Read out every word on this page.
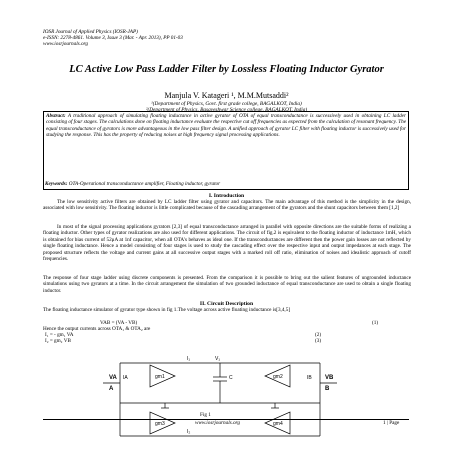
IOSR Journal of Applied Physics (IOSR-JAP)
e-ISSN: 2278-4861. Volume 3, Issue 3 (Mar. - Apr. 2013), PP 01-03
www.iosrjournals.org
LC Active Low Pass Ladder Filter by Lossless Floating Inductor Gyrator
Manjula V. Katageri ¹, M.M.Mutsaddi²
¹(Department of Physics, Govt. first grade college, BAGALKOT, India)
²(Department of Physics, Basaveshwar Science college, BAGALKOT, India)
Abstract: A traditional approach of simulating floating inductance in active gyrator of OTA of equal transconductance is successively used in obtaining LC ladder consisting of four stages. The calculations done on floating inductance evaluate the respective cut off frequencies as expected from the calculation of resonant frequency. The equal transconductance of gyrators is more advantageous in the low pass filter design. A unified approach of gyrator LC filter with floating inductor is successively used for studying the response. This has the property of reducing noises at high frequency signal processing applications.
Keywords: OTA-Operational transconductance amplifier, Floating inductor, gyrator
I. Introduction
The low sensitivity active filters are obtained by LC ladder filter using gyrator and capacitors. The main advantage of this method is the simplicity in the design, associated with low sensitivity. The floating inductor is little complicated because of the cascading arrangement of the gyrators and the shunt capacitors between them [1,2]
In most of the signal processing applications gyrators [2,3] of equal transconductance arranged in parallel with opposite directions are the suitable forms of realizing a floating inductor. Other types of gyrator realizations are also used for different applications. The circuit of fig.2 is equivalent to the floating inductor of inductance 1mH, which is obtained for bias current of 52μA at 1nf capacitor, when all OTA's behaves as ideal one. If the transconductances are different then the power gain losses are not reflected by single floating inductance. Hence a model consisting of four stages is used to study the cascading effect over the respective input and output impedances at each stage. The proposed structure reflects the voltage and current gains at all successive output stages with a marked roll off ratio, elimination of noises and idealistic approach of cutoff frequencies.
The response of four stage ladder using discrete components is presented. From the comparison it is possible to bring out the salient features of ungrounded inductance simulations using two gyrators at a time. In the circuit arrangement the simulation of two grounded inductance of equal transconductance are used to obtain a single floating inductor.
II. Circuit Description
The floating inductance simulator of gyrator type shown in fig 1.The voltage across active floating inductance is[3,4,5]
VAB = (VA - VB)	(1)
Hence the output currents across OTA₁ & OTA₂ are
I₁ = - gm₁ VA	(2)
I₂ = gm₂ VB	(3)
gm1	gm2
gm3	gm4
C
V₁
I₁
I₂
VA
A
IA	IB VB
B
Fig 1
www.iosrjournals.org	1 | Page
